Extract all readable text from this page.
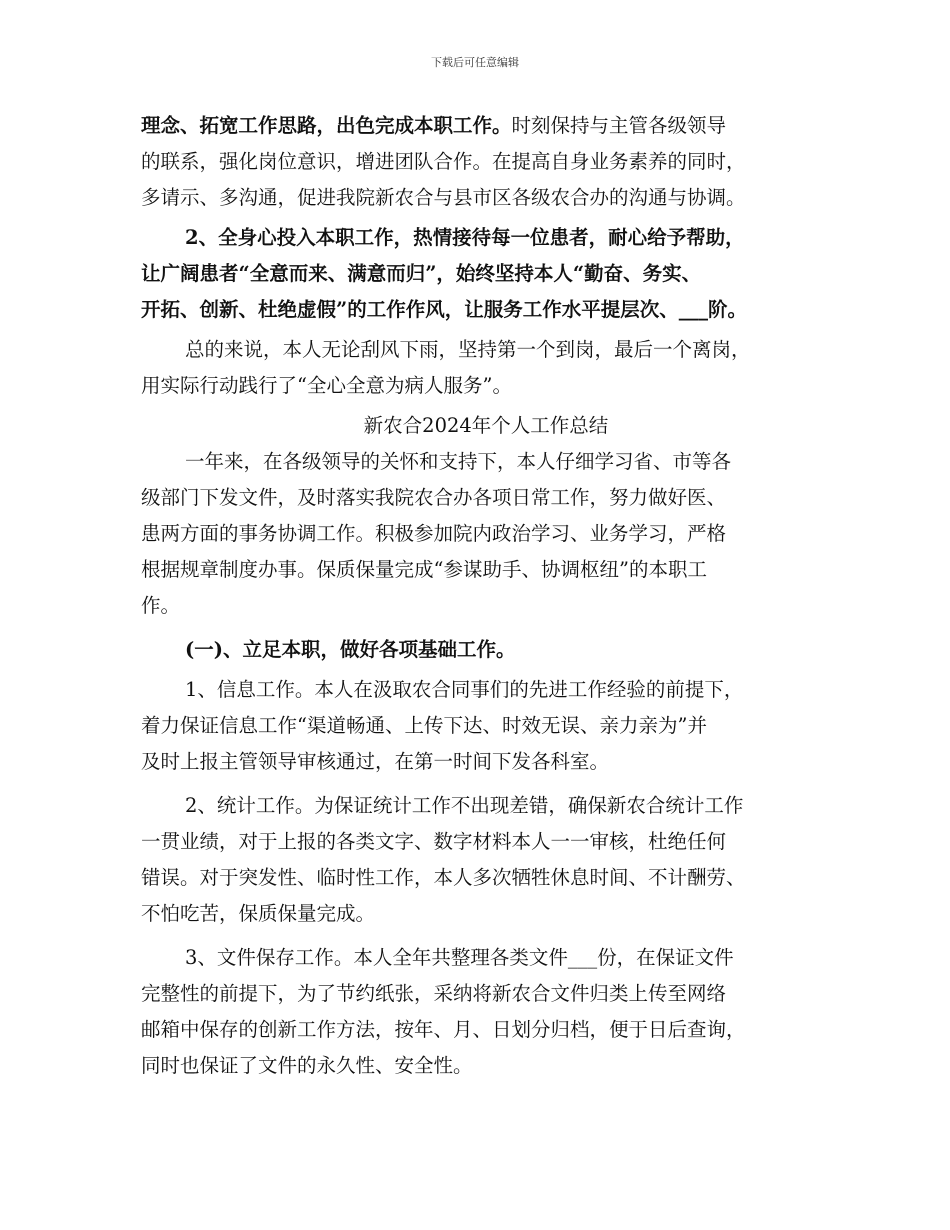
下载后可任意编辑
理念、拓宽工作思路，出色完成本职工作。时刻保持与主管各级领导
的联系，强化岗位意识，增进团队合作。在提高自身业务素养的同时，
多请示、多沟通，促进我院新农合与县市区各级农合办的沟通与协调。
2、全身心投入本职工作，热情接待每一位患者，耐心给予帮助，
让广阔患者“全意而来、满意而归”，始终坚持本人“勤奋、务实、
开拓、创新、杜绝虚假”的工作作风，让服务工作水平提层次、___阶。
总的来说，本人无论刮风下雨，坚持第一个到岗，最后一个离岗，
用实际行动践行了“全心全意为病人服务”。
新农合2024年个人工作总结
一年来，在各级领导的关怀和支持下，本人仔细学习省、市等各
级部门下发文件，及时落实我院农合办各项日常工作，努力做好医、
患两方面的事务协调工作。积极参加院内政治学习、业务学习，严格
根据规章制度办事。保质保量完成“参谋助手、协调枢纽”的本职工
作。
(一)、立足本职，做好各项基础工作。
1、信息工作。本人在汲取农合同事们的先进工作经验的前提下，
着力保证信息工作“渠道畅通、上传下达、时效无误、亲力亲为”并
及时上报主管领导审核通过，在第一时间下发各科室。
2、统计工作。为保证统计工作不出现差错，确保新农合统计工作
一贯业绩，对于上报的各类文字、数字材料本人一一审核，杜绝任何
错误。对于突发性、临时性工作，本人多次牺牲休息时间、不计酬劳、
不怕吃苦，保质保量完成。
3、文件保存工作。本人全年共整理各类文件___份，在保证文件
完整性的前提下，为了节约纸张，采纳将新农合文件归类上传至网络
邮箱中保存的创新工作方法，按年、月、日划分归档，便于日后查询，
同时也保证了文件的永久性、安全性。
